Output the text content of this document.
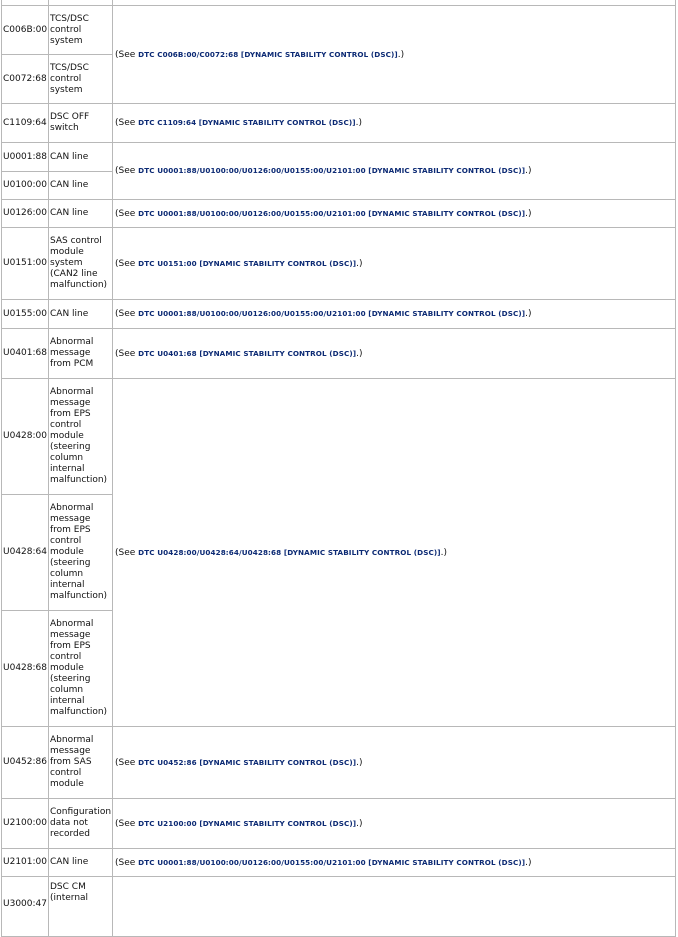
C006B:00	TCS/DSC control system	(See DTC C006B:00/C0072:68 [DYNAMIC STABILITY CONTROL (DSC)].)
C0072:68	TCS/DSC control system	
C1109:64	DSC OFF switch	(See DTC C1109:64 [DYNAMIC STABILITY CONTROL (DSC)].)
U0001:88	CAN line	(See DTC U0001:88/U0100:00/U0126:00/U0155:00/U2101:00 [DYNAMIC STABILITY CONTROL (DSC)].)
U0100:00	CAN line	
U0126:00	CAN line	(See DTC U0001:88/U0100:00/U0126:00/U0155:00/U2101:00 [DYNAMIC STABILITY CONTROL (DSC)].)
U0151:00	SAS control module system (CAN2 line malfunction)	(See DTC U0151:00 [DYNAMIC STABILITY CONTROL (DSC)].)
U0155:00	CAN line	(See DTC U0001:88/U0100:00/U0126:00/U0155:00/U2101:00 [DYNAMIC STABILITY CONTROL (DSC)].)
U0401:68	Abnormal message from PCM	(See DTC U0401:68 [DYNAMIC STABILITY CONTROL (DSC)].)
U0428:00	Abnormal message from EPS control module (steering column internal malfunction)	(See DTC U0428:00/U0428:64/U0428:68 [DYNAMIC STABILITY CONTROL (DSC)].)
U0428:64	Abnormal message from EPS control module (steering column internal malfunction)	
U0428:68	Abnormal message from EPS control module (steering column internal malfunction)	
U0452:86	Abnormal message from SAS control module	(See DTC U0452:86 [DYNAMIC STABILITY CONTROL (DSC)].)
U2100:00	Configuration data not recorded	(See DTC U2100:00 [DYNAMIC STABILITY CONTROL (DSC)].)
U2101:00	CAN line	(See DTC U0001:88/U0100:00/U0126:00/U0155:00/U2101:00 [DYNAMIC STABILITY CONTROL (DSC)].)
U3000:47	DSC CM (internal	
